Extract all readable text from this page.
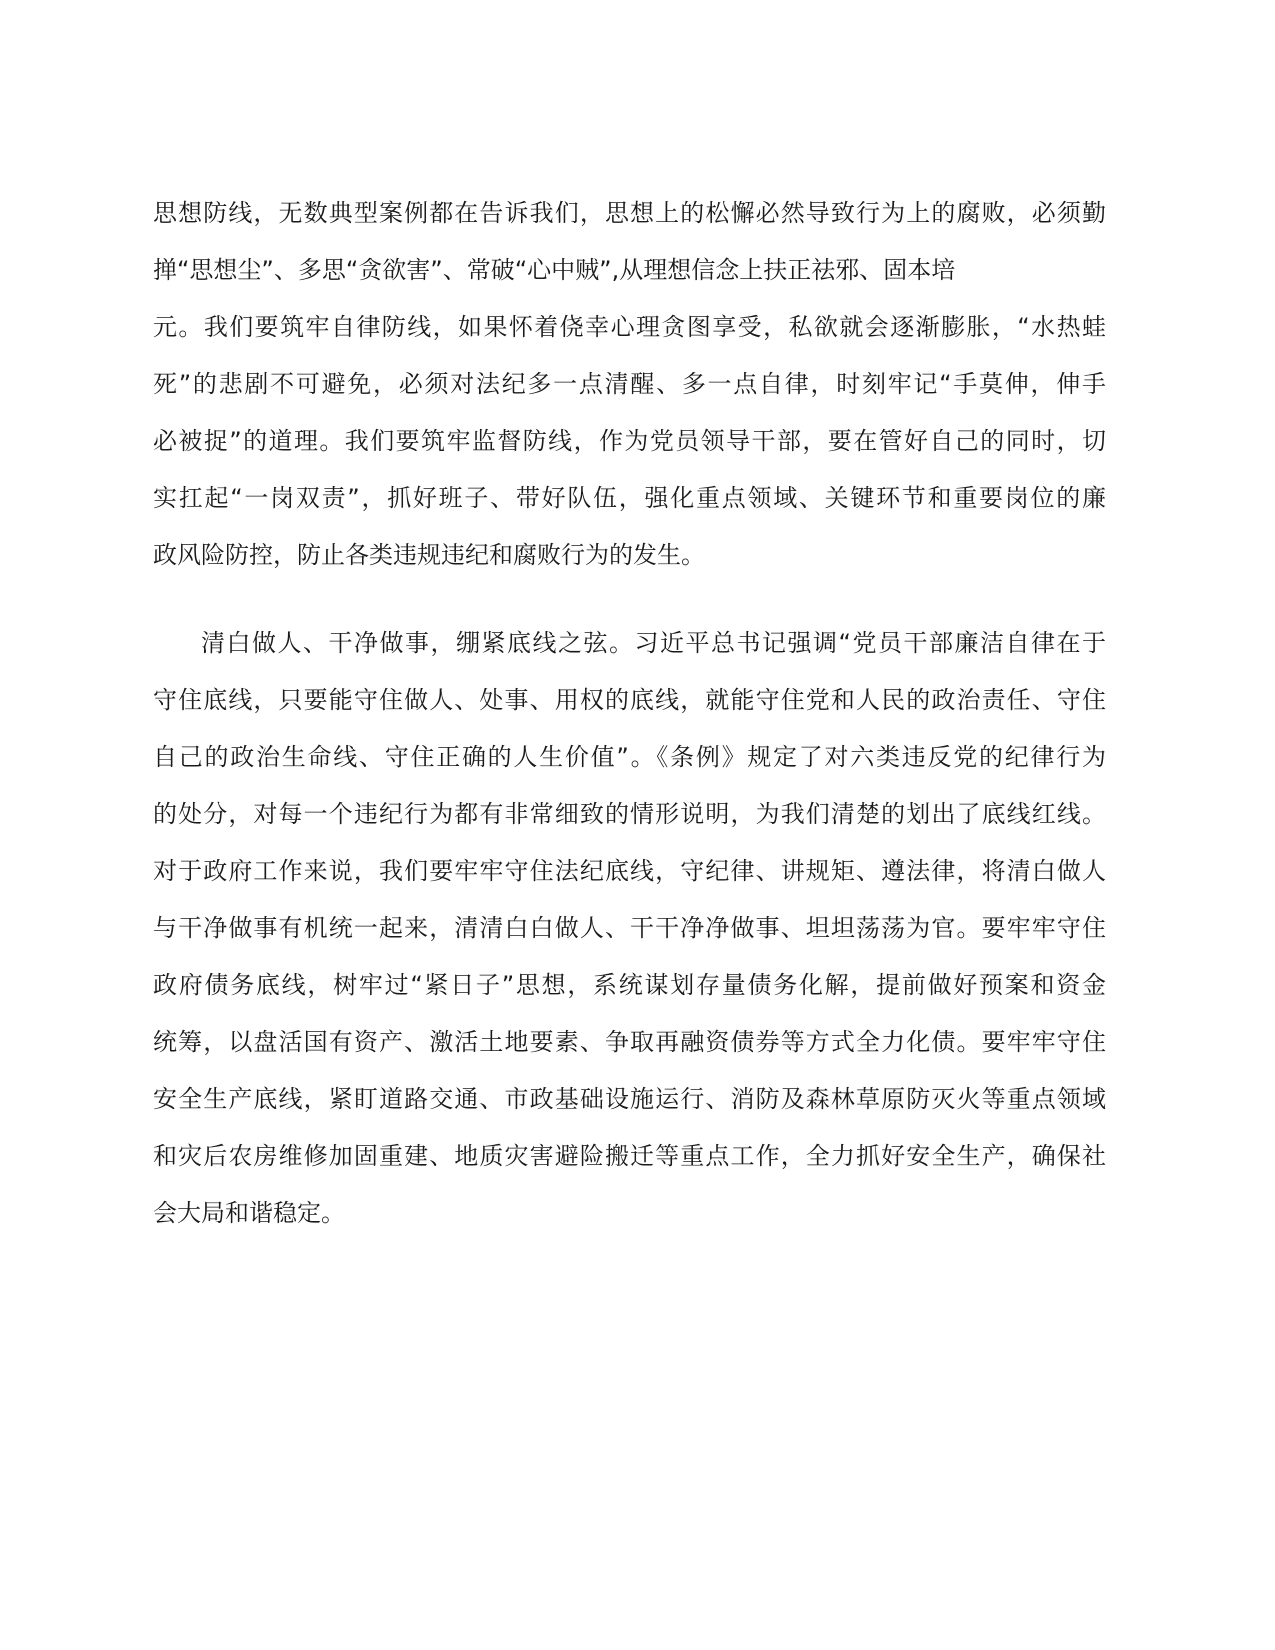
思想防线，无数典型案例都在告诉我们，思想上的松懈必然导致行为上的腐败，必须勤
掸“思想尘”、多思“贪欲害”、常破“心中贼”,从理想信念上扶正祛邪、固本培
元。我们要筑牢自律防线，如果怀着侥幸心理贪图享受，私欲就会逐渐膨胀，“水热蛙
死”的悲剧不可避免，必须对法纪多一点清醒、多一点自律，时刻牢记“手莫伸，伸手
必被捉”的道理。我们要筑牢监督防线，作为党员领导干部，要在管好自己的同时，切
实扛起“一岗双责”，抓好班子、带好队伍，强化重点领域、关键环节和重要岗位的廉
政风险防控，防止各类违规违纪和腐败行为的发生。
清白做人、干净做事，绷紧底线之弦。习近平总书记强调“党员干部廉洁自律在于
守住底线，只要能守住做人、处事、用权的底线，就能守住党和人民的政治责任、守住
自己的政治生命线、守住正确的人生价值”。《条例》规定了对六类违反党的纪律行为
的处分，对每一个违纪行为都有非常细致的情形说明，为我们清楚的划出了底线红线。
对于政府工作来说，我们要牢牢守住法纪底线，守纪律、讲规矩、遵法律，将清白做人
与干净做事有机统一起来，清清白白做人、干干净净做事、坦坦荡荡为官。要牢牢守住
政府债务底线，树牢过“紧日子”思想，系统谋划存量债务化解，提前做好预案和资金
统筹，以盘活国有资产、激活土地要素、争取再融资债券等方式全力化债。要牢牢守住
安全生产底线，紧盯道路交通、市政基础设施运行、消防及森林草原防灭火等重点领域
和灾后农房维修加固重建、地质灾害避险搬迁等重点工作，全力抓好安全生产，确保社
会大局和谐稳定。
